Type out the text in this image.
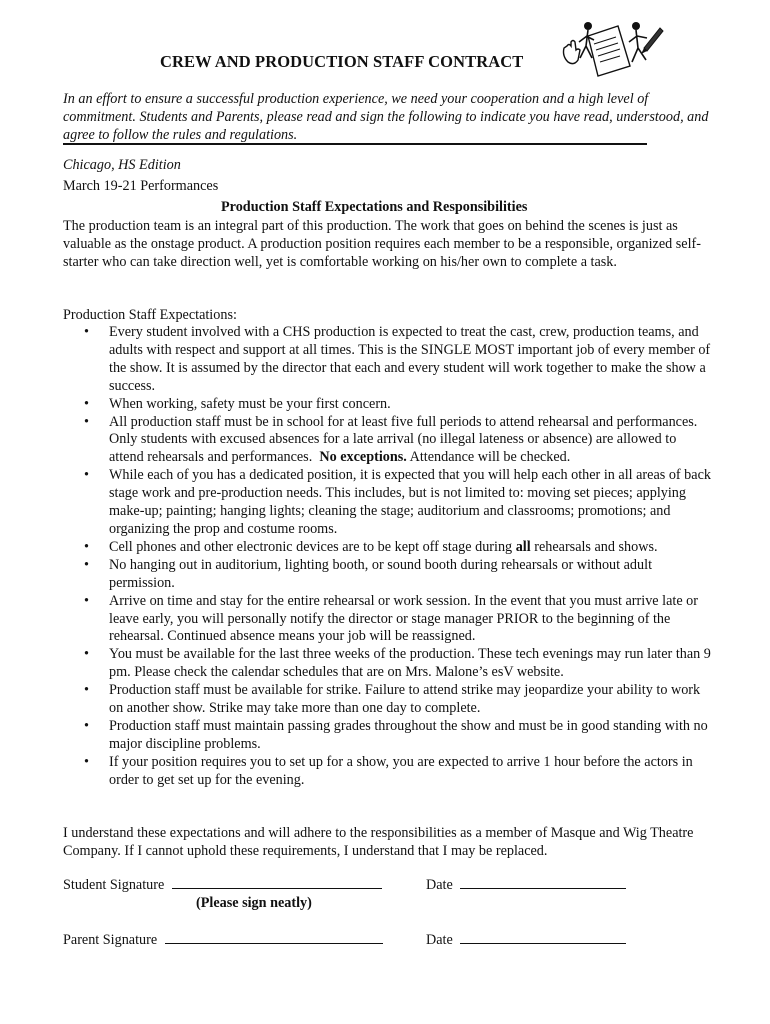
CREW AND PRODUCTION STAFF CONTRACT
In an effort to ensure a successful production experience, we need your cooperation and a high level of commitment. Students and Parents, please read and sign the following to indicate you have read, understood, and agree to follow the rules and regulations.
Chicago, HS Edition
March 19-21 Performances
Production Staff Expectations and Responsibilities
The production team is an integral part of this production. The work that goes on behind the scenes is just as valuable as the onstage product. A production position requires each member to be a responsible, organized self-starter who can take direction well, yet is comfortable working on his/her own to complete a task.
Production Staff Expectations:
• Every student involved with a CHS production is expected to treat the cast, crew, production teams, and adults with respect and support at all times. This is the SINGLE MOST important job of every member of the show. It is assumed by the director that each and every student will work together to make the show a success.
• When working, safety must be your first concern.
• All production staff must be in school for at least five full periods to attend rehearsal and performances. Only students with excused absences for a late arrival (no illegal lateness or absence) are allowed to attend rehearsals and performances. No exceptions. Attendance will be checked.
• While each of you has a dedicated position, it is expected that you will help each other in all areas of back stage work and pre-production needs. This includes, but is not limited to: moving set pieces; applying make-up; painting; hanging lights; cleaning the stage; auditorium and classrooms; promotions; and organizing the prop and costume rooms.
• Cell phones and other electronic devices are to be kept off stage during all rehearsals and shows.
• No hanging out in auditorium, lighting booth, or sound booth during rehearsals or without adult permission.
• Arrive on time and stay for the entire rehearsal or work session. In the event that you must arrive late or leave early, you will personally notify the director or stage manager PRIOR to the beginning of the rehearsal. Continued absence means your job will be reassigned.
• You must be available for the last three weeks of the production. These tech evenings may run later than 9 pm. Please check the calendar schedules that are on Mrs. Malone’s esV website.
• Production staff must be available for strike. Failure to attend strike may jeopardize your ability to work on another show. Strike may take more than one day to complete.
• Production staff must maintain passing grades throughout the show and must be in good standing with no major discipline problems.
• If your position requires you to set up for a show, you are expected to arrive 1 hour before the actors in order to get set up for the evening.
I understand these expectations and will adhere to the responsibilities as a member of Masque and Wig Theatre Company. If I cannot uphold these requirements, I understand that I may be replaced.
Student Signature	Date
(Please sign neatly)
Parent Signature	Date
